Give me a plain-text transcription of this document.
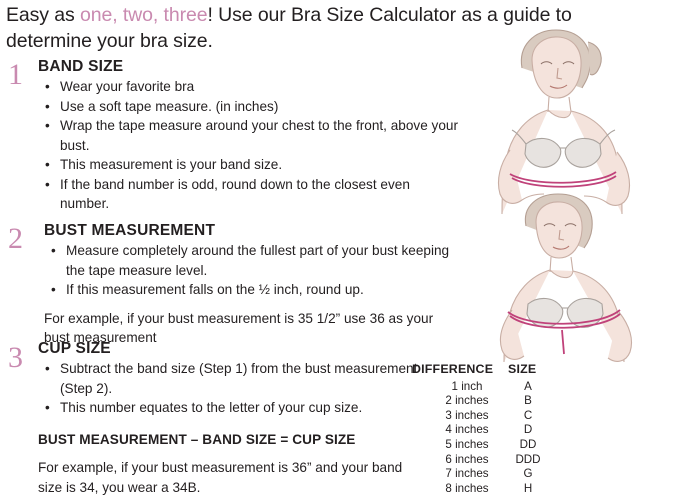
Easy as one, two, three! Use our Bra Size Calculator as a guide to determine your bra size.
1 BAND SIZE
• Wear your favorite bra
• Use a soft tape measure. (in inches)
• Wrap the tape measure around your chest to the front, above your bust.
• This measurement is your band size.
• If the band number is odd, round down to the closest even number.
2 BUST MEASUREMENT
• Measure completely around the fullest part of your bust keeping the tape measure level.
• If this measurement falls on the ½ inch, round up.
For example, if your bust measurement is 35 1/2” use 36 as your bust measurement
3 CUP SIZE
• Subtract the band size (Step 1) from the bust measurement (Step 2).
• This number equates to the letter of your cup size.
BUST MEASUREMENT – BAND SIZE = CUP SIZE
For example, if your bust measurement is 36” and your band size is 34, you wear a 34B.
DIFFERENCE SIZE
1 inch	A
2 inches	B
3 inches	C
4 inches	D
5 inches	DD
6 inches DDD
7 inches	G
8 inches	H
